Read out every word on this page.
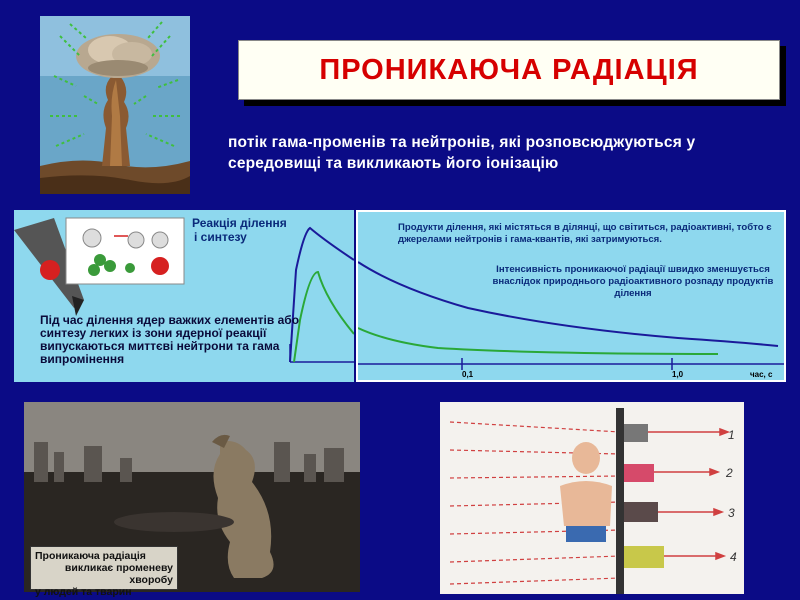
ПРОНИКАЮЧА РАДІАЦІЯ
потік гама-променів та нейтронів, які розповсюджуються у середовищі та викликають його іонізацію
Реакція ділення
і синтезу
Під час ділення ядер важких елементів або синтезу легких із зони ядерної реакції випускаються миттєві нейтрони та гама випромінення
0,1	1,0	час, с
Продукти ділення, які містяться в ділянці, що світиться, радіоактивні, тобто є джерелами нейтронів і гама-квантів, які затримуються.
Інтенсивність проникаючої радіації швидко зменшується внаслідок природнього радіоактивного розпаду продуктів ділення
Проникаюча радіація
викликає променеву хворобу
у людей та тварин
1
2
3
4
